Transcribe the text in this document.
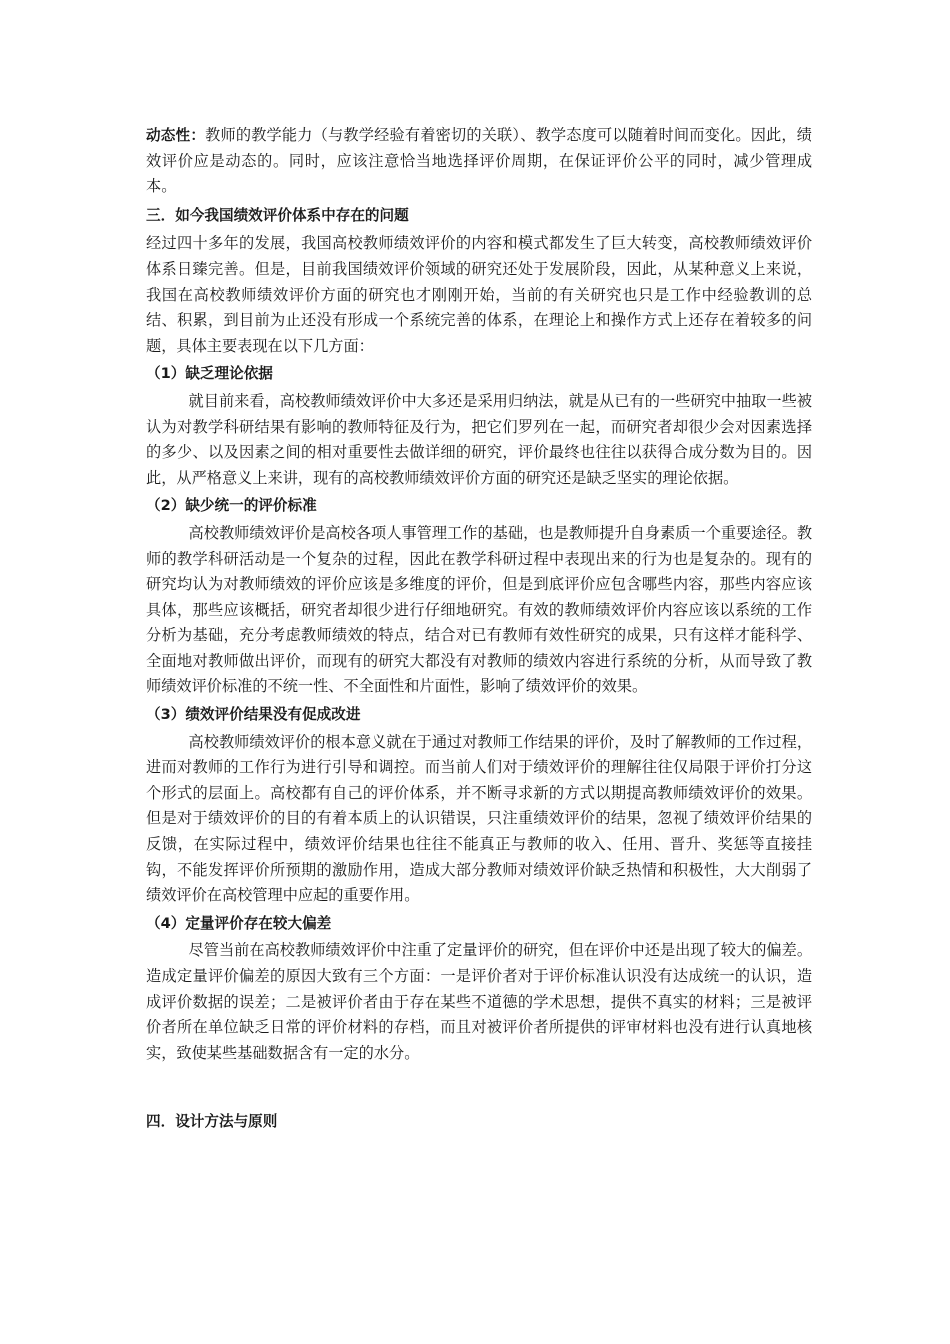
动态性：教师的教学能力（与教学经验有着密切的关联）、教学态度可以随着时间而变化。因此，绩效评价应是动态的。同时，应该注意恰当地选择评价周期，在保证评价公平的同时，减少管理成本。

三．如今我国绩效评价体系中存在的问题

经过四十多年的发展，我国高校教师绩效评价的内容和模式都发生了巨大转变，高校教师绩效评价体系日臻完善。但是，目前我国绩效评价领域的研究还处于发展阶段，因此，从某种意义上来说，我国在高校教师绩效评价方面的研究也才刚刚开始，当前的有关研究也只是工作中经验教训的总结、积累，到目前为止还没有形成一个系统完善的体系，在理论上和操作方式上还存在着较多的问题，具体主要表现在以下几方面：

（1）缺乏理论依据

就目前来看，高校教师绩效评价中大多还是采用归纳法，就是从已有的一些研究中抽取一些被认为对教学科研结果有影响的教师特征及行为，把它们罗列在一起，而研究者却很少会对因素选择的多少、以及因素之间的相对重要性去做详细的研究，评价最终也往往以获得合成分数为目的。因此，从严格意义上来讲，现有的高校教师绩效评价方面的研究还是缺乏坚实的理论依据。

（2）缺少统一的评价标准

高校教师绩效评价是高校各项人事管理工作的基础，也是教师提升自身素质一个重要途径。教师的教学科研活动是一个复杂的过程，因此在教学科研过程中表现出来的行为也是复杂的。现有的研究均认为对教师绩效的评价应该是多维度的评价，但是到底评价应包含哪些内容，那些内容应该具体，那些应该概括，研究者却很少进行仔细地研究。有效的教师绩效评价内容应该以系统的工作分析为基础，充分考虑教师绩效的特点，结合对已有教师有效性研究的成果，只有这样才能科学、全面地对教师做出评价，而现有的研究大都没有对教师的绩效内容进行系统的分析，从而导致了教师绩效评价标准的不统一性、不全面性和片面性，影响了绩效评价的效果。

（3）绩效评价结果没有促成改进

高校教师绩效评价的根本意义就在于通过对教师工作结果的评价，及时了解教师的工作过程，进而对教师的工作行为进行引导和调控。而当前人们对于绩效评价的理解往往仅局限于评价打分这个形式的层面上。高校都有自己的评价体系，并不断寻求新的方式以期提高教师绩效评价的效果。但是对于绩效评价的目的有着本质上的认识错误，只注重绩效评价的结果，忽视了绩效评价结果的反馈，在实际过程中，绩效评价结果也往往不能真正与教师的收入、任用、晋升、奖惩等直接挂钩，不能发挥评价所预期的激励作用，造成大部分教师对绩效评价缺乏热情和积极性，大大削弱了绩效评价在高校管理中应起的重要作用。

（4）定量评价存在较大偏差

尽管当前在高校教师绩效评价中注重了定量评价的研究，但在评价中还是出现了较大的偏差。造成定量评价偏差的原因大致有三个方面：一是评价者对于评价标准认识没有达成统一的认识，造成评价数据的误差；二是被评价者由于存在某些不道德的学术思想，提供不真实的材料；三是被评价者所在单位缺乏日常的评价材料的存档，而且对被评价者所提供的评审材料也没有进行认真地核实，致使某些基础数据含有一定的水分。

四．设计方法与原则
